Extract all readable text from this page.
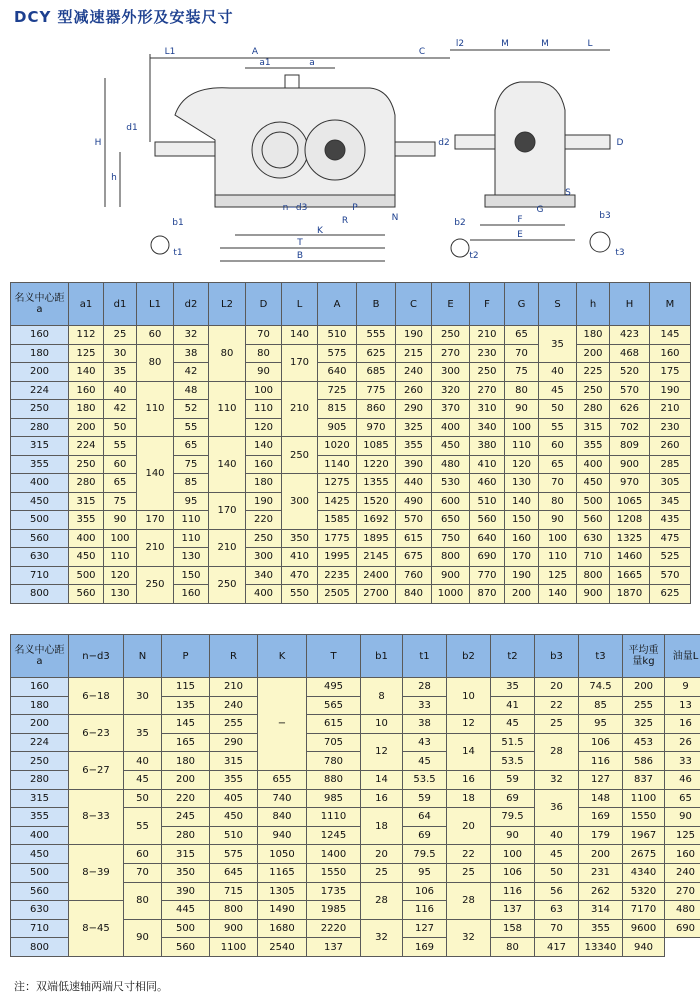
DCY 型减速器外形及安装尺寸
A	C
a1	a
L1
H
d1
h
b1
t1
n−d3	P
R	N
K
T
B
l2	M	M	L
d2	D
G
S
F
E
b2
t2
b3
t3
名义中心距a	a1	d1	L1	d2	L2	D	L	A	B	C	E	F	G	S	h	H	M
160	112	25	60	32	80	70	140	510	555	190	250	210	65	35	180	423	145
180	125	30	80	38		80	170	575	625	215	270	230	70		200	468	160
200	140	35		42		90		640	685	240	300	250	75	40	225	520	175
224	160	40	110	48	110	100	210	725	775	260	320	270	80	45	250	570	190
250	180	42		52		110		815	860	290	370	310	90	50	280	626	210
280	200	50		55		120		905	970	325	400	340	100	55	315	702	230
315	224	55	140	65	140	140	250	1020	1085	355	450	380	110	60	355	809	260
355	250	60		75		160		1140	1220	390	480	410	120	65	400	900	285
400	280	65		85		180	300	1275	1355	440	530	460	130	70	450	970	305
450	315	75		95	170	190		1425	1520	490	600	510	140	80	500	1065	345
500	355	90	170	110		220		1585	1692	570	650	560	150	90	560	1208	435
560	400	100	210	110	210	250	350	1775	1895	615	750	640	160	100	630	1325	475
630	450	110		130		300	410	1995	2145	675	800	690	170	110	710	1460	525
710	500	120	250	150	250	340	470	2235	2400	760	900	770	190	125	800	1665	570
800	560	130		160		400	550	2505	2700	840	1000	870	200	140	900	1870	625
名义中心距a	n−d3	N	P	R	K	T	b1	t1	b2	t2	b3	t3	平均重量kg	油量L
160	6−18	30	115	210	−	495	8	28	10	35	20	74.5	200	9
180			135	240		565		33		41	22	85	255	13
200	6−23	35	145	255		615	10	38	12	45	25	95	325	16
224			165	290		705	12	43	14	51.5	28	106	453	26
250	6−27	40	180	315		780		45		53.5		116	586	33
280		45	200	355	655	880	14	53.5	16	59	32	127	837	46
315	8−33	50	220	405	740	985	16	59	18	69	36	148	1100	65
355		55	245	450	840	1110	18	64	20	79.5		169	1550	90
400			280	510	940	1245		69		90	40	179	1967	125
450	8−39	60	315	575	1050	1400	20	79.5	22	100	45	200	2675	160
500		70	350	645	1165	1550	25	95	25	106	50	231	4340	240
560		80	390	715	1305	1735	28	106	28	116	56	262	5320	270
630	8−45		445	800	1490	1985		116		137	63	314	7170	480
710		90	500	900	1680	2220	32	127	32	158	70	355	9600	690
800			560	1100	2540	137		169		80	417	13340	940	
注：双端低速轴两端尺寸相同。
